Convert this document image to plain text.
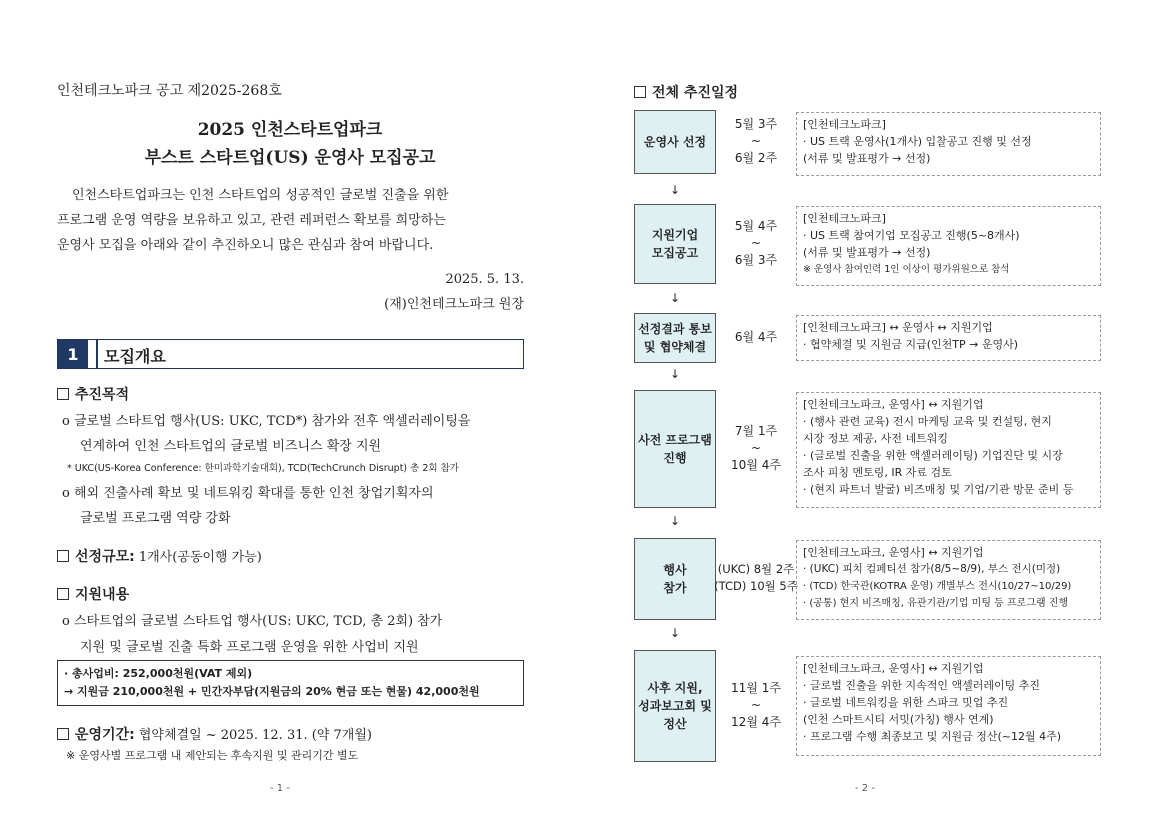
인천테크노파크 공고 제2025-268호
2025 인천스타트업파크
부스트 스타트업(US) 운영사 모집공고
인천스타트업파크는 인천 스타트업의 성공적인 글로벌 진출을 위한
프로그램 운영 역량을 보유하고 있고, 관련 레퍼런스 확보를 희망하는
운영사 모집을 아래와 같이 추진하오니 많은 관심과 참여 바랍니다.
2025. 5. 13.
(재)인천테크노파크 원장
1	모집개요
추진목적
o 글로벌 스타트업 행사(US: UKC, TCD*) 참가와 전후 액셀러레이팅을
연계하여 인천 스타트업의 글로벌 비즈니스 확장 지원
* UKC(US-Korea Conference: 한미과학기술대회), TCD(TechCrunch Disrupt) 총 2회 참가
o 해외 진출사례 확보 및 네트워킹 확대를 통한 인천 창업기획자의
글로벌 프로그램 역량 강화
선정규모: 1개사(공동이행 가능)
지원내용
o 스타트업의 글로벌 스타트업 행사(US: UKC, TCD, 총 2회) 참가
지원 및 글로벌 진출 특화 프로그램 운영을 위한 사업비 지원
· 총사업비: 252,000천원(VAT 제외)
→ 지원금 210,000천원 + 민간자부담(지원금의 20% 현금 또는 현물) 42,000천원
운영기간: 협약체결일 ~ 2025. 12. 31. (약 7개월)
※ 운영사별 프로그램 내 제안되는 후속지원 및 관리기간 별도
- 1 -
전체 추진일정
운영사 선정
5월 3주
~
6월 2주
[인천테크노파크]
· US 트랙 운영사(1개사) 입찰공고 진행 및 선정
(서류 및 발표평가 → 선정)
↓
지원기업
모집공고
5월 4주
~
6월 3주
[인천테크노파크]
· US 트랙 참여기업 모집공고 진행(5~8개사)
(서류 및 발표평가 → 선정)
※ 운영사 참여인력 1인 이상이 평가위원으로 참석
↓
선정결과 통보
및 협약체결
6월 4주
[인천테크노파크] ↔ 운영사 ↔ 지원기업
· 협약체결 및 지원금 지급(인천TP → 운영사)
↓
사전 프로그램
진행
7월 1주
~
10월 4주
[인천테크노파크, 운영사] ↔ 지원기업
· (행사 관련 교육) 전시 마케팅 교육 및 컨설팅, 현지
시장 정보 제공, 사전 네트워킹
· (글로벌 진출을 위한 액셀러레이팅) 기업진단 및 시장
조사 피칭 멘토링, IR 자료 검토
· (현지 파트너 발굴) 비즈매칭 및 기업/기관 방문 준비 등
↓
행사
참가
(UKC) 8월 2주
(TCD) 10월 5주
[인천테크노파크, 운영사] ↔ 지원기업
· (UKC) 피치 컴페티션 참가(8/5~8/9), 부스 전시(미정)
· (TCD) 한국관(KOTRA 운영) 개별부스 전시(10/27~10/29)
· (공통) 현지 비즈매칭, 유관기관/기업 미팅 등 프로그램 진행
↓
사후 지원,
성과보고회 및
정산
11월 1주
~
12월 4주
[인천테크노파크, 운영사] ↔ 지원기업
· 글로벌 진출을 위한 지속적인 액셀러레이팅 추진
· 글로벌 네트워킹을 위한 스파크 밋업 추진
(인천 스마트시티 서밋(가칭) 행사 연계)
· 프로그램 수행 최종보고 및 지원금 정산(~12월 4주)
- 2 -
